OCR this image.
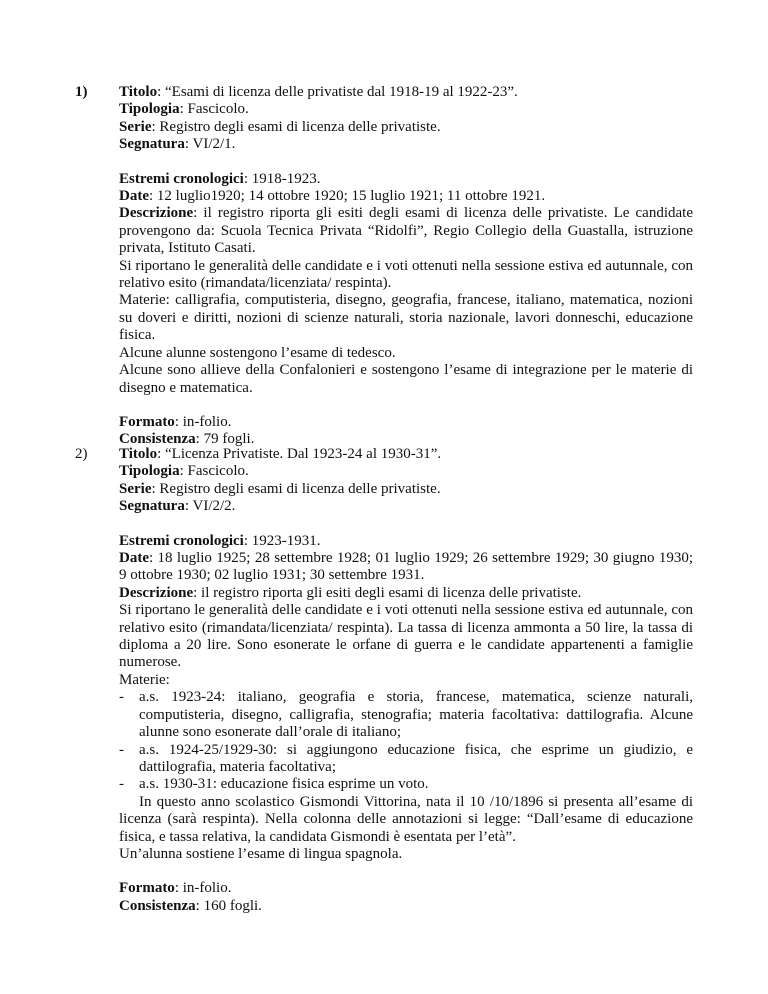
1) Titolo: “Esami di licenza delle privatiste dal 1918-19 al 1922-23”.
Tipologia: Fascicolo.
Serie: Registro degli esami di licenza delle privatiste.
Segnatura: VI/2/1.
Estremi cronologici: 1918-1923.
Date: 12 luglio1920; 14 ottobre 1920; 15 luglio 1921; 11 ottobre 1921.
Descrizione: il registro riporta gli esiti degli esami di licenza delle privatiste. Le candidate provengono da: Scuola Tecnica Privata “Ridolfi”, Regio Collegio della Guastalla, istruzione privata, Istituto Casati.
Si riportano le generalità delle candidate e i voti ottenuti nella sessione estiva ed autunnale, con relativo esito (rimandata/licenziata/ respinta).
Materie: calligrafia, computisteria, disegno, geografia, francese, italiano, matematica, nozioni su doveri e diritti, nozioni di scienze naturali, storia nazionale, lavori donneschi, educazione fisica.
Alcune alunne sostengono l’esame di tedesco.
Alcune sono allieve della Confalonieri e sostengono l’esame di integrazione per le materie di disegno e matematica.
Formato: in-folio.
Consistenza: 79 fogli.
2) Titolo: “Licenza Privatiste. Dal 1923-24 al 1930-31”.
Tipologia: Fascicolo.
Serie: Registro degli esami di licenza delle privatiste.
Segnatura: VI/2/2.
Estremi cronologici: 1923-1931.
Date: 18 luglio 1925; 28 settembre 1928; 01 luglio 1929; 26 settembre 1929; 30 giugno 1930; 9 ottobre 1930; 02 luglio 1931; 30 settembre 1931.
Descrizione: il registro riporta gli esiti degli esami di licenza delle privatiste.
Si riportano le generalità delle candidate e i voti ottenuti nella sessione estiva ed autunnale, con relativo esito (rimandata/licenziata/ respinta). La tassa di licenza ammonta a 50 lire, la tassa di diploma a 20 lire. Sono esonerate le orfane di guerra e le candidate appartenenti a famiglie numerose.
Materie:
- a.s. 1923-24: italiano, geografia e storia, francese, matematica, scienze naturali, computisteria, disegno, calligrafia, stenografia; materia facoltativa: dattilografia. Alcune alunne sono esonerate dall’orale di italiano;
- a.s. 1924-25/1929-30: si aggiungono educazione fisica, che esprime un giudizio, e dattilografia, materia facoltativa;
- a.s. 1930-31: educazione fisica esprime un voto.
In questo anno scolastico Gismondi Vittorina, nata il 10 /10/1896 si presenta all’esame di licenza (sarà respinta). Nella colonna delle annotazioni si legge: “Dall’esame di educazione fisica, e tassa relativa, la candidata Gismondi è esentata per l’età”.
Un’alunna sostiene l’esame di lingua spagnola.
Formato: in-folio.
Consistenza: 160 fogli.
